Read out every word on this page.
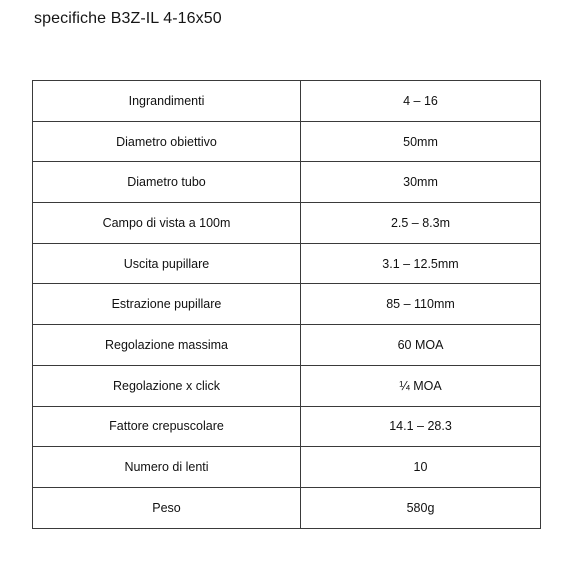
specifiche B3Z-IL 4-16x50
Ingrandimenti	4 – 16
Diametro obiettivo	50mm
Diametro tubo	30mm
Campo di vista a 100m	2.5 – 8.3m
Uscita pupillare	3.1 – 12.5mm
Estrazione pupillare	85 – 110mm
Regolazione massima	60 MOA
Regolazione x click	¼ MOA
Fattore crepuscolare	14.1 – 28.3
Numero di lenti	10
Peso	580g
